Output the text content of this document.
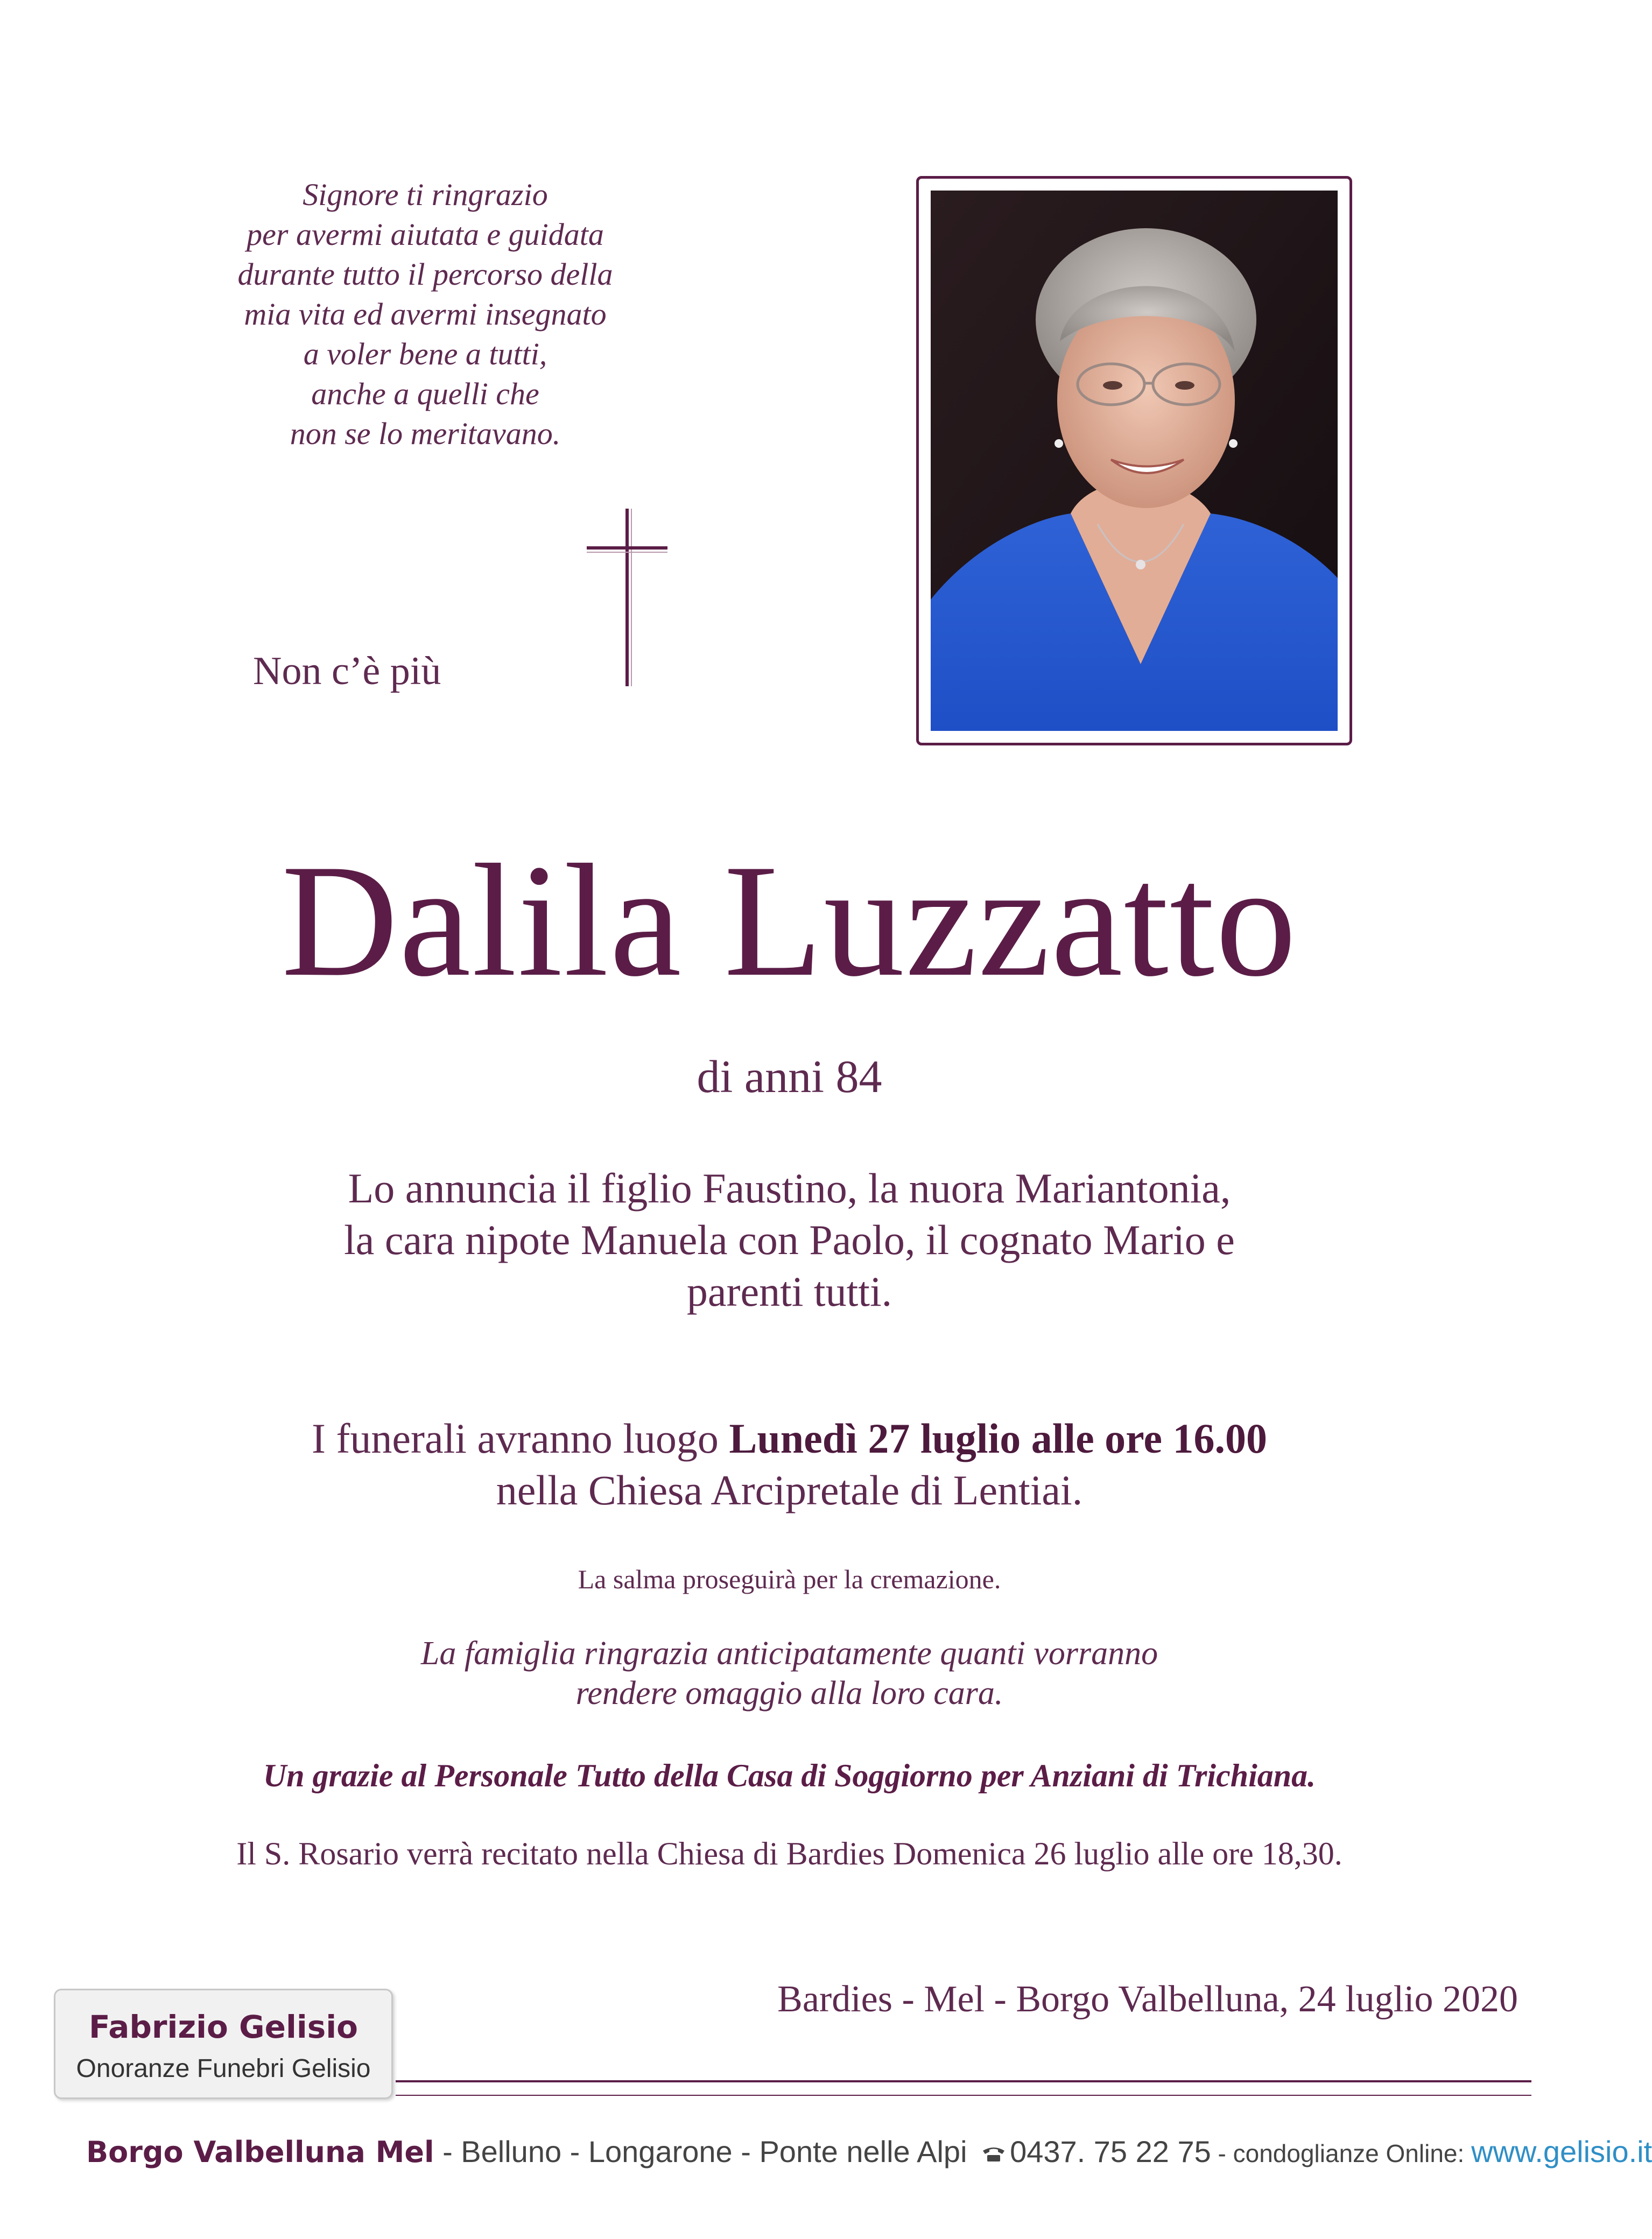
Signore ti ringrazio
per avermi aiutata e guidata
durante tutto il percorso della
mia vita ed avermi insegnato
a voler bene a tutti,
anche a quelli che
non se lo meritavano.
Non c’è più
Dalila Luzzatto
di anni 84
Lo annuncia il figlio Faustino, la nuora Mariantonia,
la cara nipote Manuela con Paolo, il cognato Mario e
parenti tutti.
I funerali avranno luogo Lunedì 27 luglio alle ore 16.00
nella Chiesa Arcipretale di Lentiai.
La salma proseguirà per la cremazione.
La famiglia ringrazia anticipatamente quanti vorranno
rendere omaggio alla loro cara.
Un grazie al Personale Tutto della Casa di Soggiorno per Anziani di Trichiana.
Il S. Rosario verrà recitato nella Chiesa di Bardies Domenica 26 luglio alle ore 18,30.
Bardies - Mel - Borgo Valbelluna, 24 luglio 2020
Fabrizio Gelisio
Onoranze Funebri Gelisio
Borgo Valbelluna Mel - Belluno - Longarone - Ponte nelle Alpi 0437. 75 22 75 - condoglianze Online: www.gelisio.it
